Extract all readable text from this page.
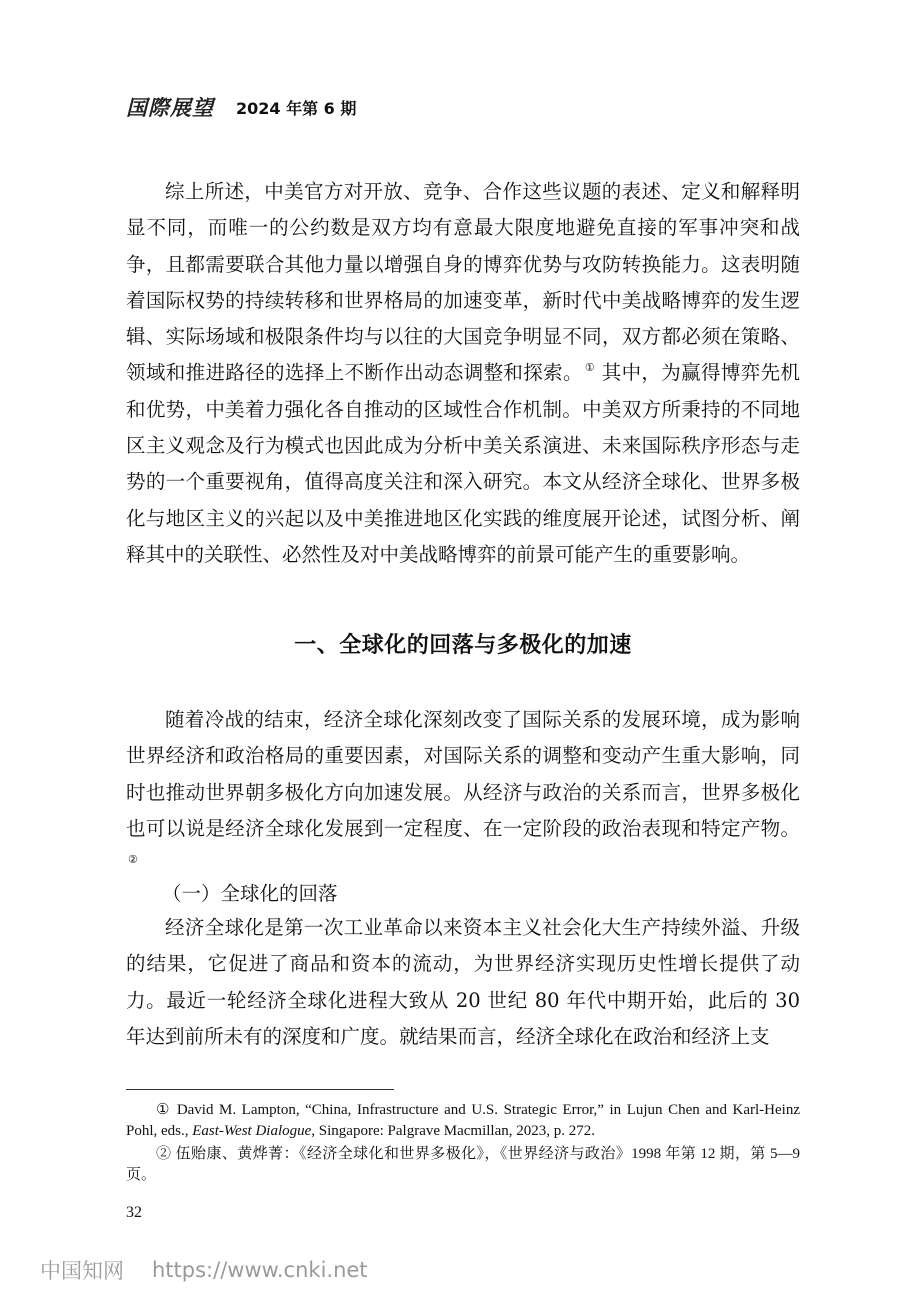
国際展望 2024 年第 6 期

综上所述，中美官方对开放、竞争、合作这些议题的表述、定义和解释明显不同，而唯一的公约数是双方均有意最大限度地避免直接的军事冲突和战争，且都需要联合其他力量以增强自身的博弈优势与攻防转换能力。这表明随着国际权势的持续转移和世界格局的加速变革，新时代中美战略博弈的发生逻辑、实际场域和极限条件均与以往的大国竞争明显不同，双方都必须在策略、领域和推进路径的选择上不断作出动态调整和探索。 ① 其中，为赢得博弈先机和优势，中美着力强化各自推动的区域性合作机制。中美双方所秉持的不同地区主义观念及行为模式也因此成为分析中美关系演进、未来国际秩序形态与走势的一个重要视角，值得高度关注和深入研究。本文从经济全球化、世界多极化与地区主义的兴起以及中美推进地区化实践的维度展开论述，试图分析、阐释其中的关联性、必然性及对中美战略博弈的前景可能产生的重要影响。

一、全球化的回落与多极化的加速

随着冷战的结束，经济全球化深刻改变了国际关系的发展环境，成为影响世界经济和政治格局的重要因素，对国际关系的调整和变动产生重大影响，同时也推动世界朝多极化方向加速发展。从经济与政治的关系而言，世界多极化也可以说是经济全球化发展到一定程度、在一定阶段的政治表现和特定产物。②

（一）全球化的回落

经济全球化是第一次工业革命以来资本主义社会化大生产持续外溢、升级的结果，它促进了商品和资本的流动，为世界经济实现历史性增长提供了动力。最近一轮经济全球化进程大致从 20 世纪 80 年代中期开始，此后的 30 年达到前所未有的深度和广度。就结果而言，经济全球化在政治和经济上支

① David M. Lampton, “China, Infrastructure and U.S. Strategic Error,” in Lujun Chen and Karl-Heinz Pohl, eds., East-West Dialogue, Singapore: Palgrave Macmillan, 2023, p. 272.

② 伍贻康、黄烨菁：《经济全球化和世界多极化》，《世界经济与政治》1998 年第 12 期，第 5—9 页。

32
中国知网 https://www.cnki.net
